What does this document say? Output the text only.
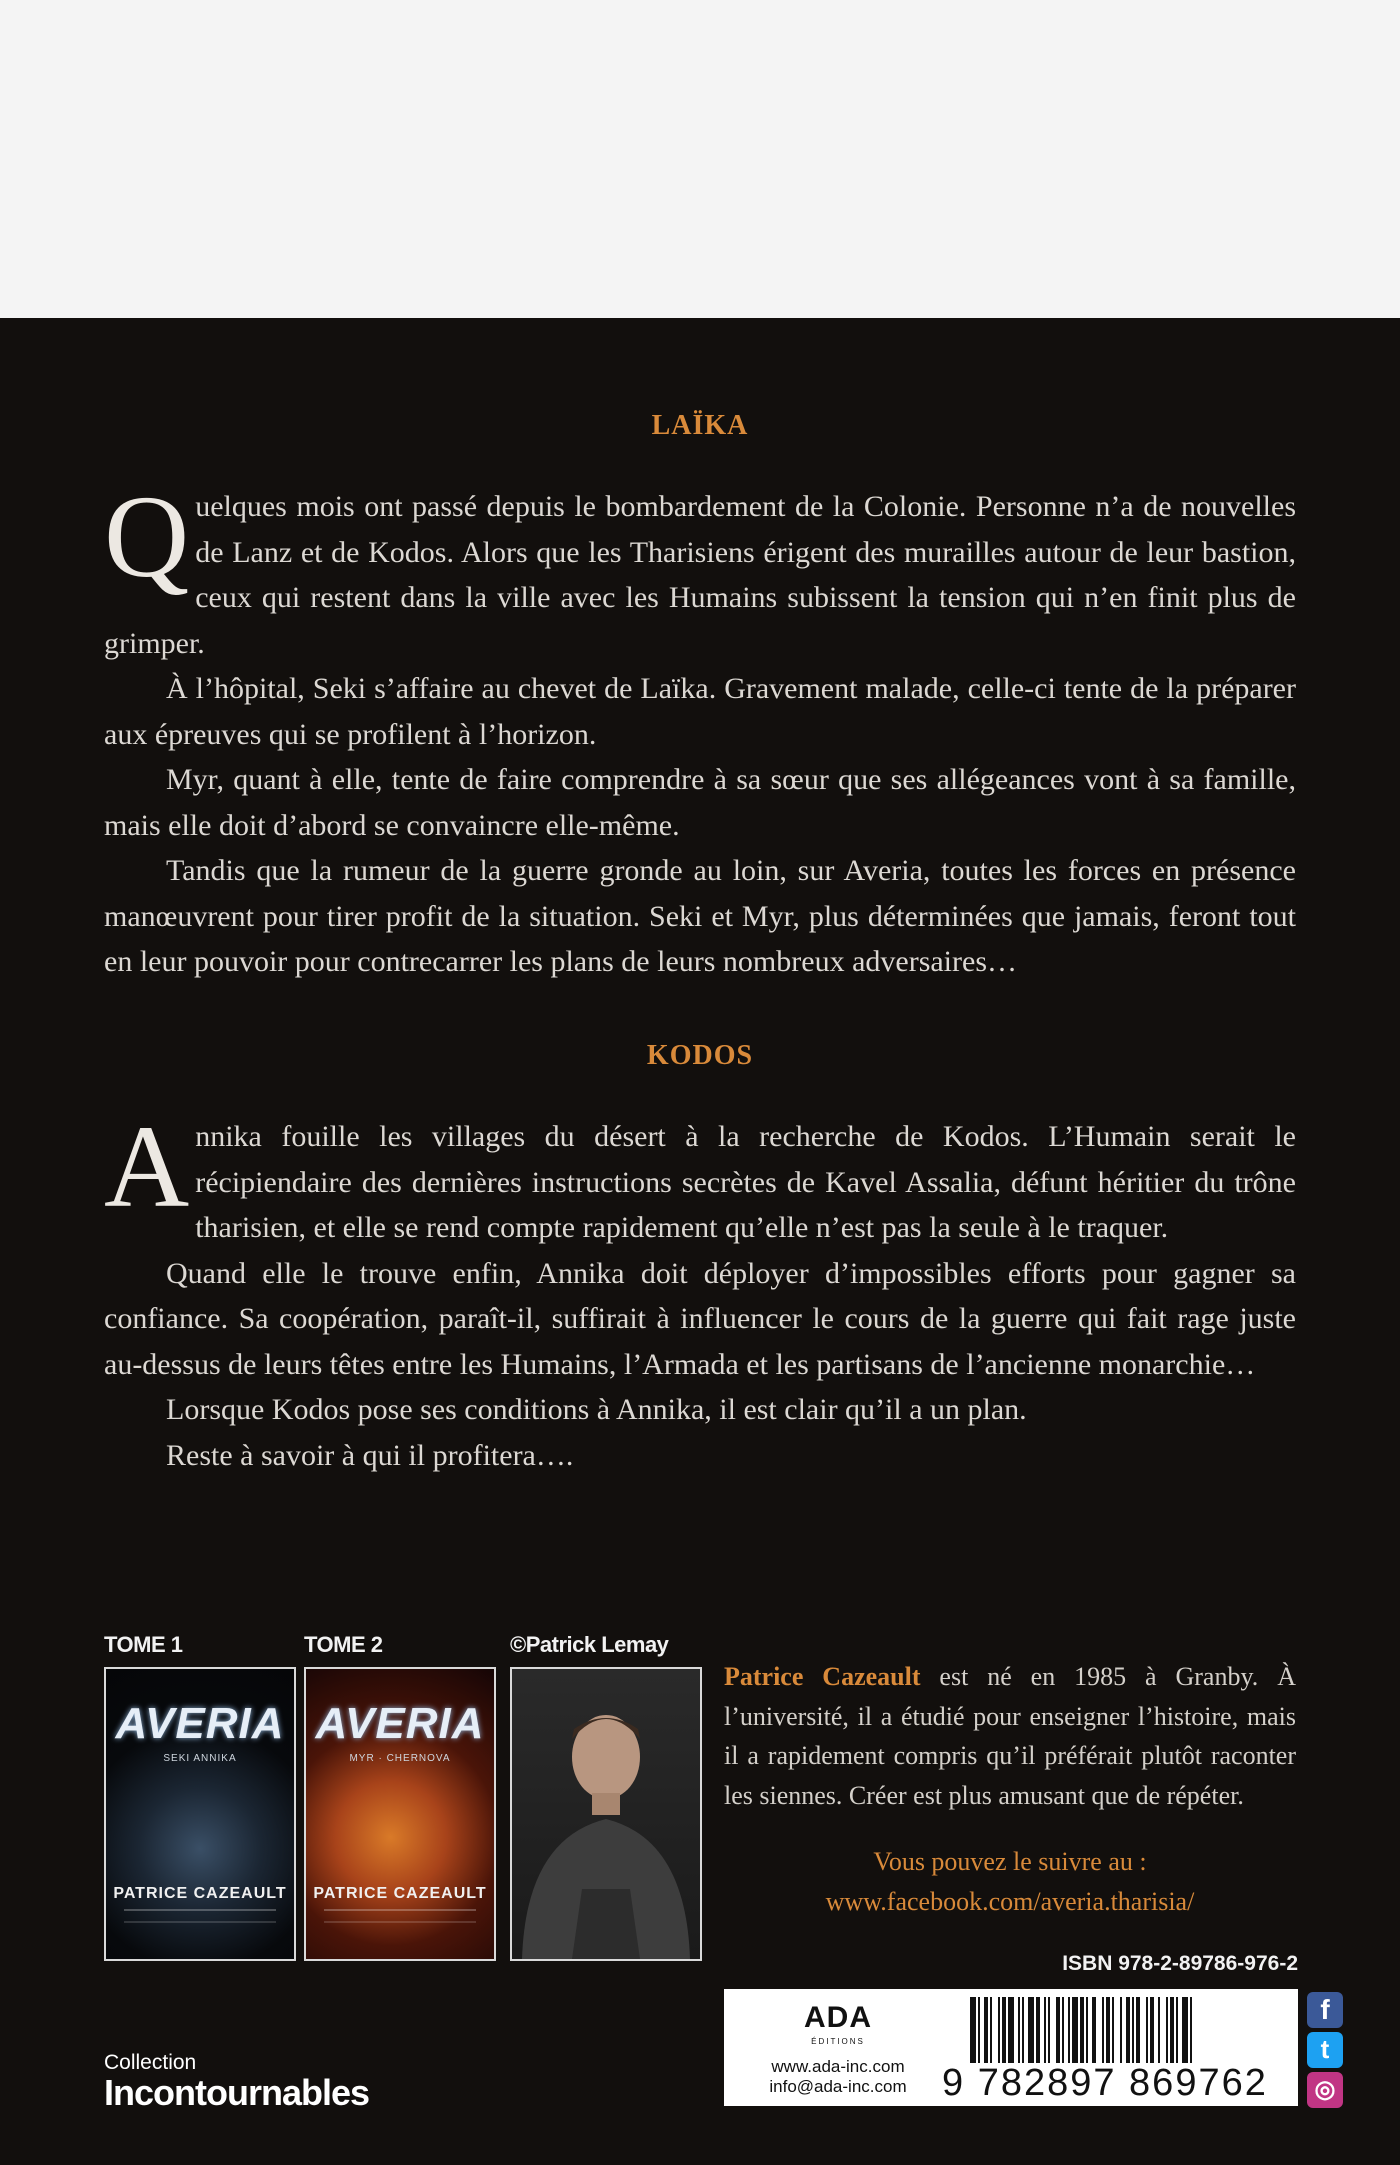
LAÏKA

Quelques mois ont passé depuis le bombardement de la Colonie. Personne n’a de nouvelles de Lanz et de Kodos. Alors que les Tharisiens érigent des murailles autour de leur bastion, ceux qui restent dans la ville avec les Humains subissent la tension qui n’en finit plus de grimper.

À l’hôpital, Seki s’affaire au chevet de Laïka. Gravement malade, celle-ci tente de la préparer aux épreuves qui se profilent à l’horizon.

Myr, quant à elle, tente de faire comprendre à sa sœur que ses allégeances vont à sa famille, mais elle doit d’abord se convaincre elle-même.

Tandis que la rumeur de la guerre gronde au loin, sur Averia, toutes les forces en présence manœuvrent pour tirer profit de la situation. Seki et Myr, plus déterminées que jamais, feront tout en leur pouvoir pour contrecarrer les plans de leurs nombreux adversaires…

KODOS

Annika fouille les villages du désert à la recherche de Kodos. L’Humain serait le récipiendaire des dernières instructions secrètes de Kavel Assalia, défunt héritier du trône tharisien, et elle se rend compte rapidement qu’elle n’est pas la seule à le traquer.

Quand elle le trouve enfin, Annika doit déployer d’impossibles efforts pour gagner sa confiance. Sa coopération, paraît-il, suffirait à influencer le cours de la guerre qui fait rage juste au-dessus de leurs têtes entre les Humains, l’Armada et les partisans de l’ancienne monarchie…

Lorsque Kodos pose ses conditions à Annika, il est clair qu’il a un plan.

Reste à savoir à qui il profitera….

TOME 1
AVERIA
SEKI ANNIKA
PATRICE CAZEAULT
TOME 2
AVERIA
MYR · CHERNOVA
PATRICE CAZEAULT
©Patrick Lemay
Patrice Cazeault est né en 1985 à Granby. À l’université, il a étudié pour enseigner l’histoire, mais il a rapidement compris qu’il préférait plutôt raconter les siennes. Créer est plus amusant que de répéter.
Vous pouvez le suivre au :
www.facebook.com/averia.tharisia/
ISBN 978-2-89786-976-2
ADA
ÉDITIONS
www.ada-inc.com
info@ada-inc.com 9 782897 869762
f
t
◎
Collection
Incontournables
